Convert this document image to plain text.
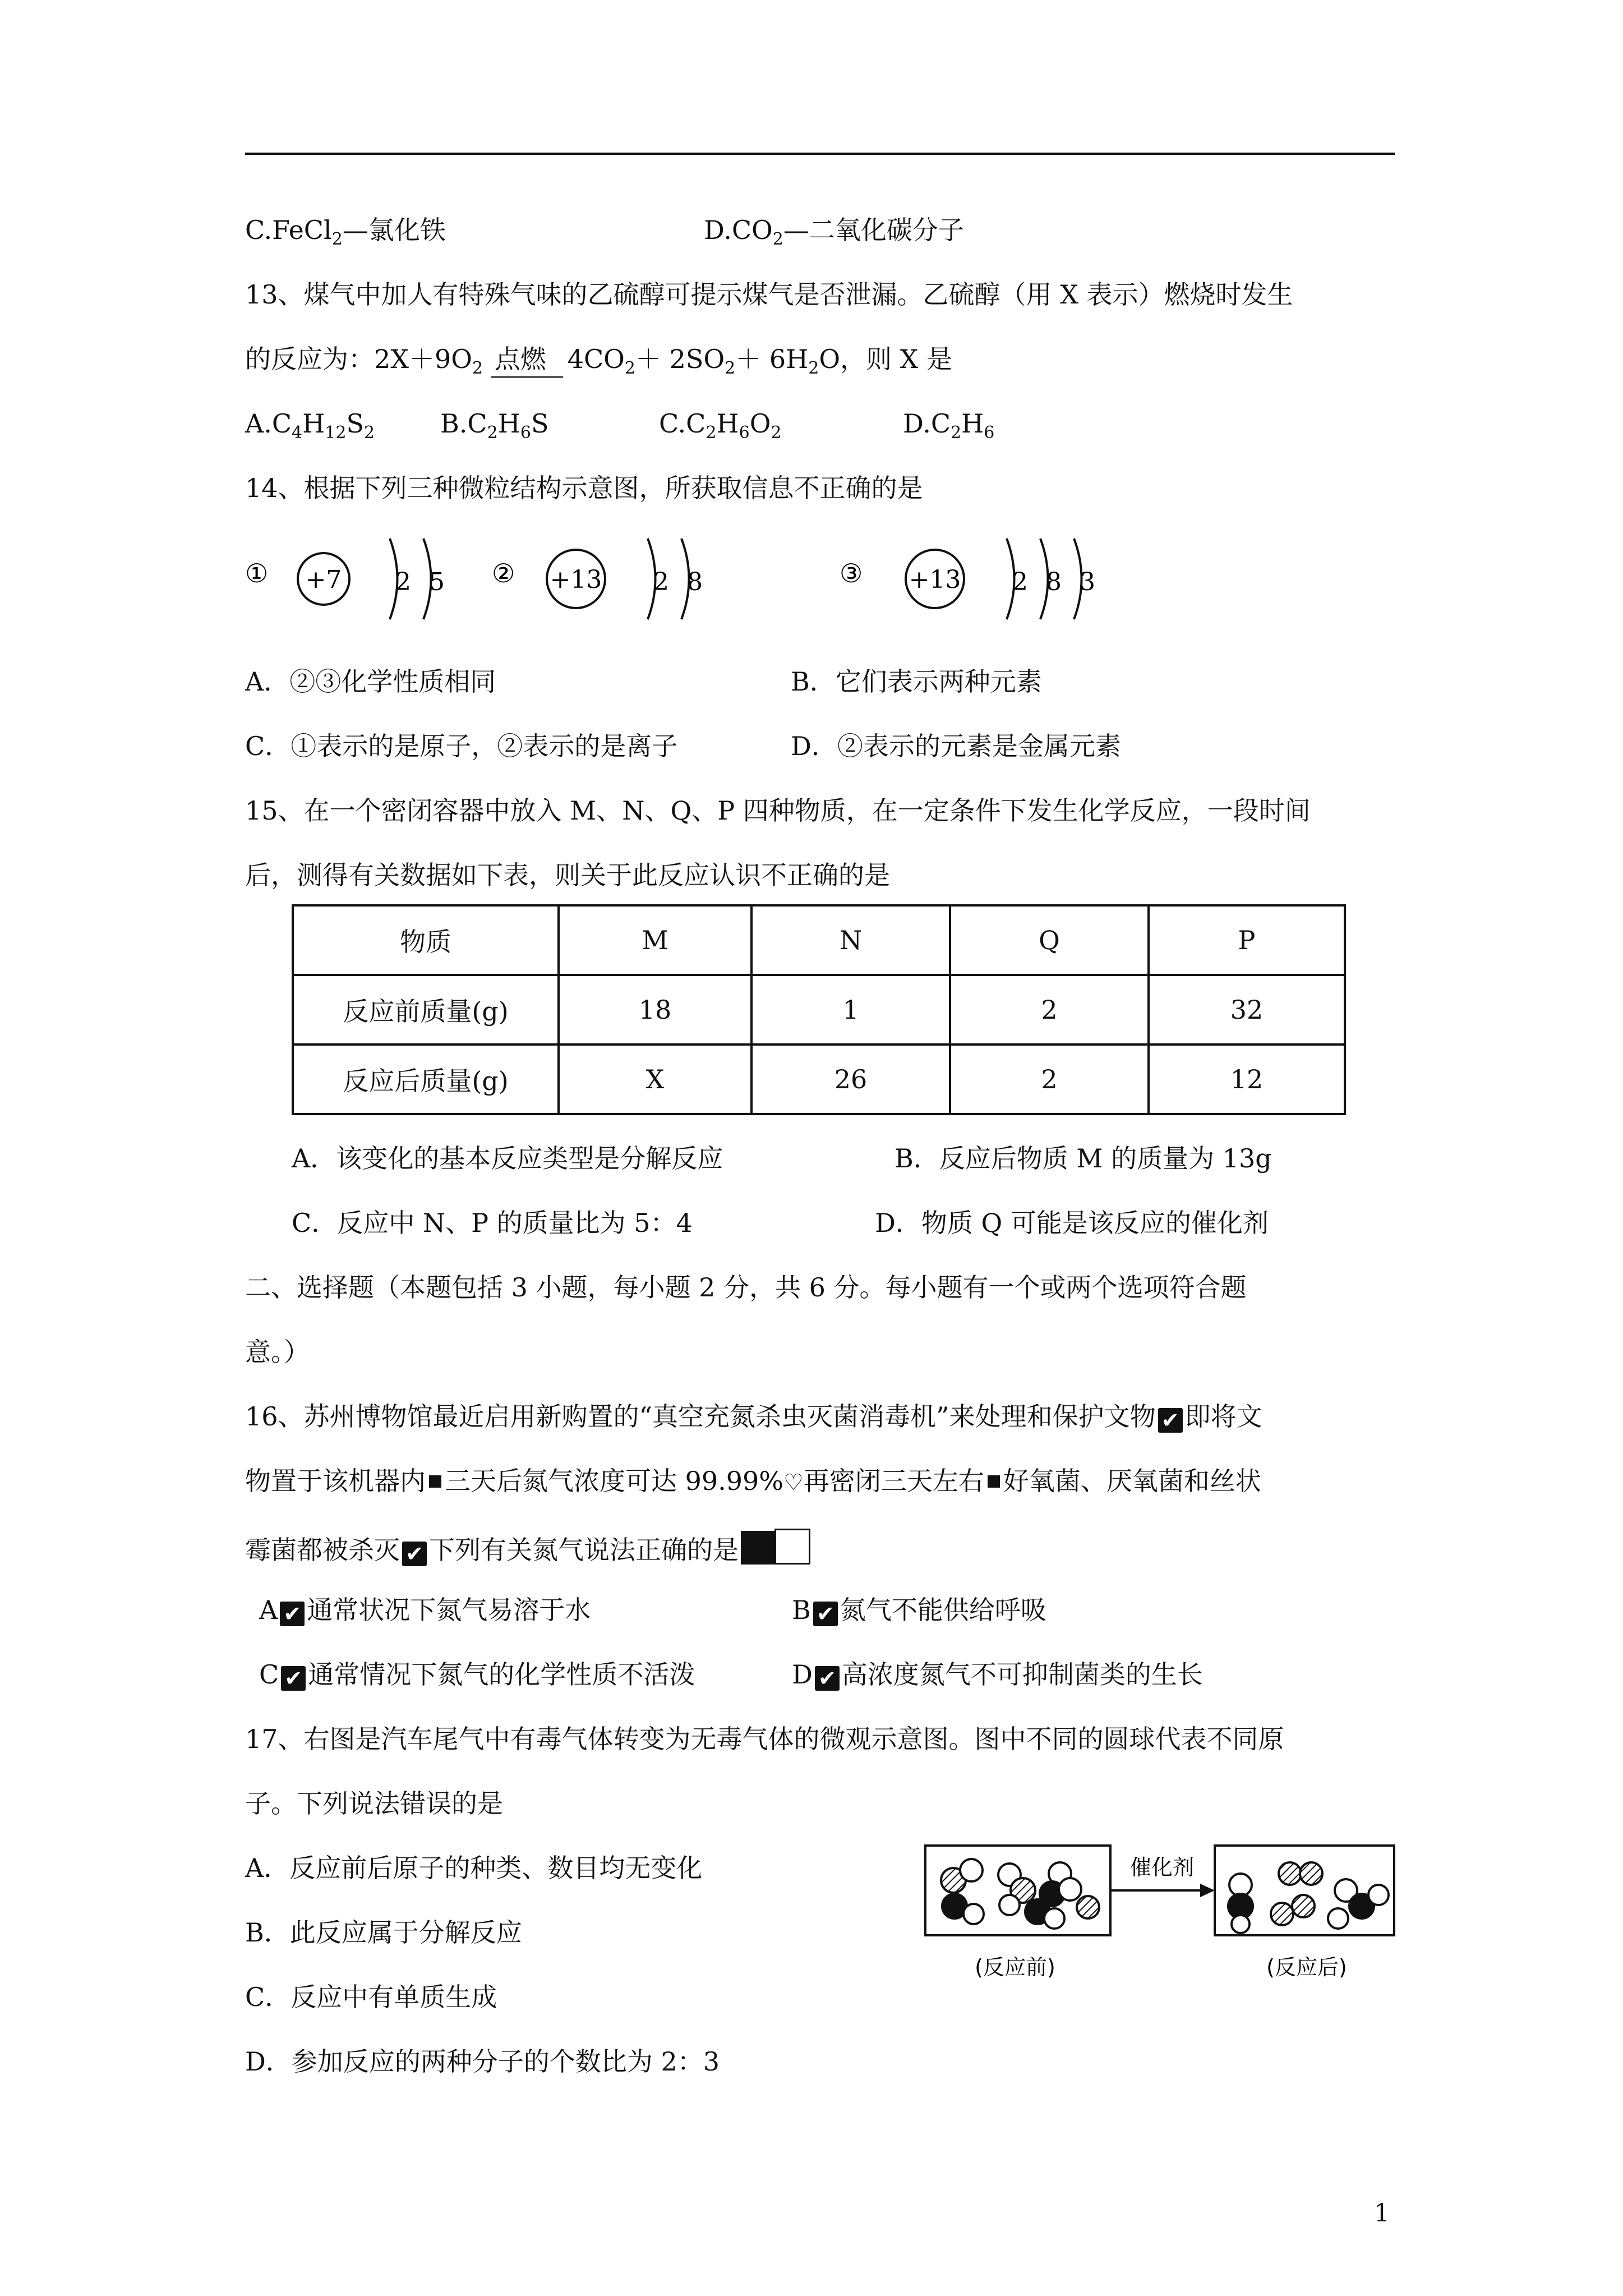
C.FeCl$_2$—氯化铁	$D.CO_2—$二氧化碳分子
13、煤气中加人有特殊气味的乙硫醇可提示煤气是否泄漏。乙硫醇（用 X 表示）燃烧时发生
的反应为：$2X+9O_2$ 点燃 $4CO_2+ 2SO_2+ 6H_2O$，则 X 是
$A.C_4H_{12}S_2$	$B.C_2H_6S$	$C.C_2H_6O_2$	$D.C_2H_6$
14、根据下列三种微粒结构示意图，所获取信息不正确的是
① +7 2 5 ② +13 2 8	③ +13 2 8 3
A．②③化学性质相同	B．它们表示两种元素
C．①表示的是原子，②表示的是离子	D．②表示的元素是金属元素
15、在一个密闭容器中放入 M、N、Q、P 四种物质，在一定条件下发生化学反应，一段时间
后，测得有关数据如下表，则关于此反应认识不正确的是
物质	M	N	Q	P
反应前质量(g)	18	1	2	32
反应后质量(g)	X	26	2	12
A．该变化的基本反应类型是分解反应	B．反应后物质 M 的质量为 13g
C．反应中 N、P 的质量比为 5：4	D．物质 Q 可能是该反应的催化剂
二、选择题（本题包括 3 小题，每小题 2 分，共 6 分。每小题有一个或两个选项符合题
意。）
16、苏州博物馆最近启用新购置的“真空充氮杀虫灭菌消毒机”来处理和保护文物 ✔ 即将文
物置于该机器内 三天后氮气浓度可达 99.99%♡再密闭三天左右 好氧菌、厌氧菌和丝状
霉菌都被杀灭 ✔ 下列有关氮气说法正确的是
A ✔ 通常状况下氮气易溶于水	B ✔ 氮气不能供给呼吸
C ✔ 通常情况下氮气的化学性质不活泼	D ✔ 高浓度氮气不可抑制菌类的生长
17、右图是汽车尾气中有毒气体转变为无毒气体的微观示意图。图中不同的圆球代表不同原
子。下列说法错误的是
A．反应前后原子的种类、数目均无变化
B．此反应属于分解反应
C．反应中有单质生成
D．参加反应的两种分子的个数比为 2：3
催化剂
(反应前)	(反应后)
1
